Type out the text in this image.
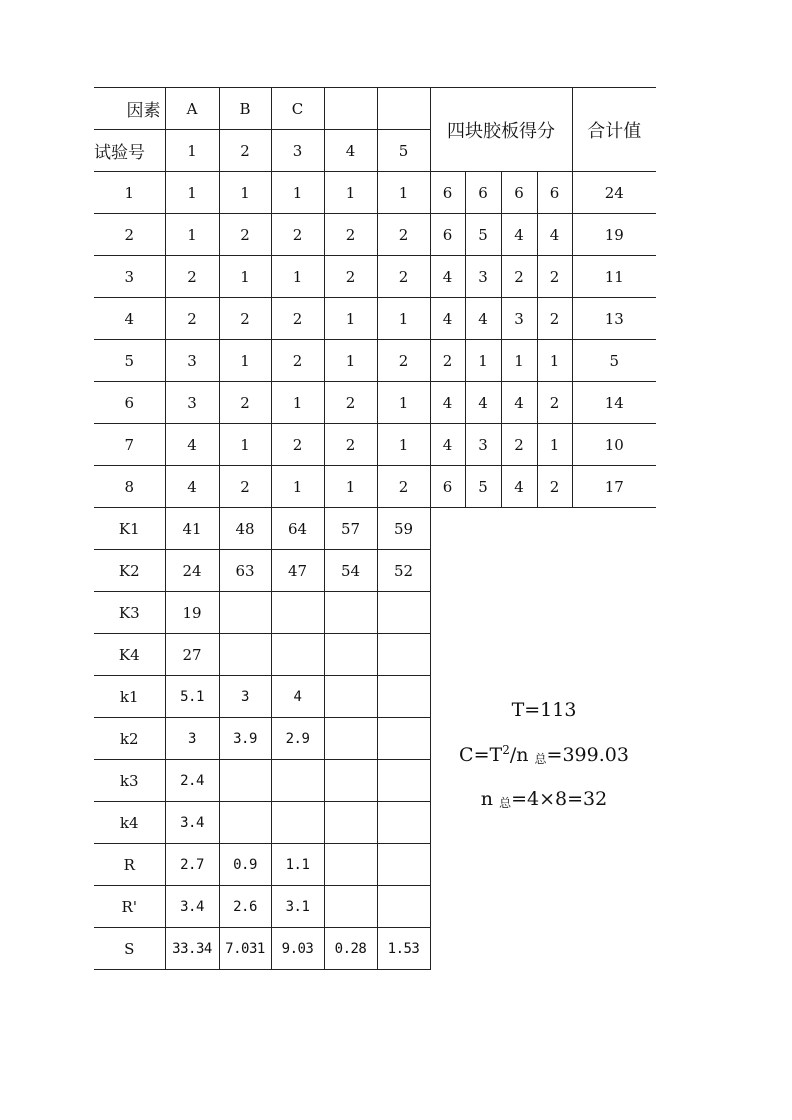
因素	A	B	C			四块胶板得分				合计值

试验号	1	2	3	4	5					
1	1	1	1	1	1	6	6	6	6	24
2	1	2	2	2	2	6	5	4	4	19
3	2	1	1	2	2	4	3	2	2	11
4	2	2	2	1	1	4	4	3	2	13
5	3	1	2	1	2	2	1	1	1	5
6	3	2	1	2	1	4	4	4	2	14
7	4	1	2	2	1	4	3	2	1	10
8	4	2	1	1	2	6	5	4	2	17
K1	41	48	64	57	59					
K2	24	63	47	54	52					
K3	19									
K4	27									
k1	5.1	3	4							
k2	3	3.9	2.9							
k3	2.4									
k4	3.4									
R	2.7	0.9	1.1							
R'	3.4	2.6	3.1							
S	33.34	7.031	9.03	0.28	1.53					
T=113
$C=T^2/n$ 总=399.03
n 总=4×8=32
